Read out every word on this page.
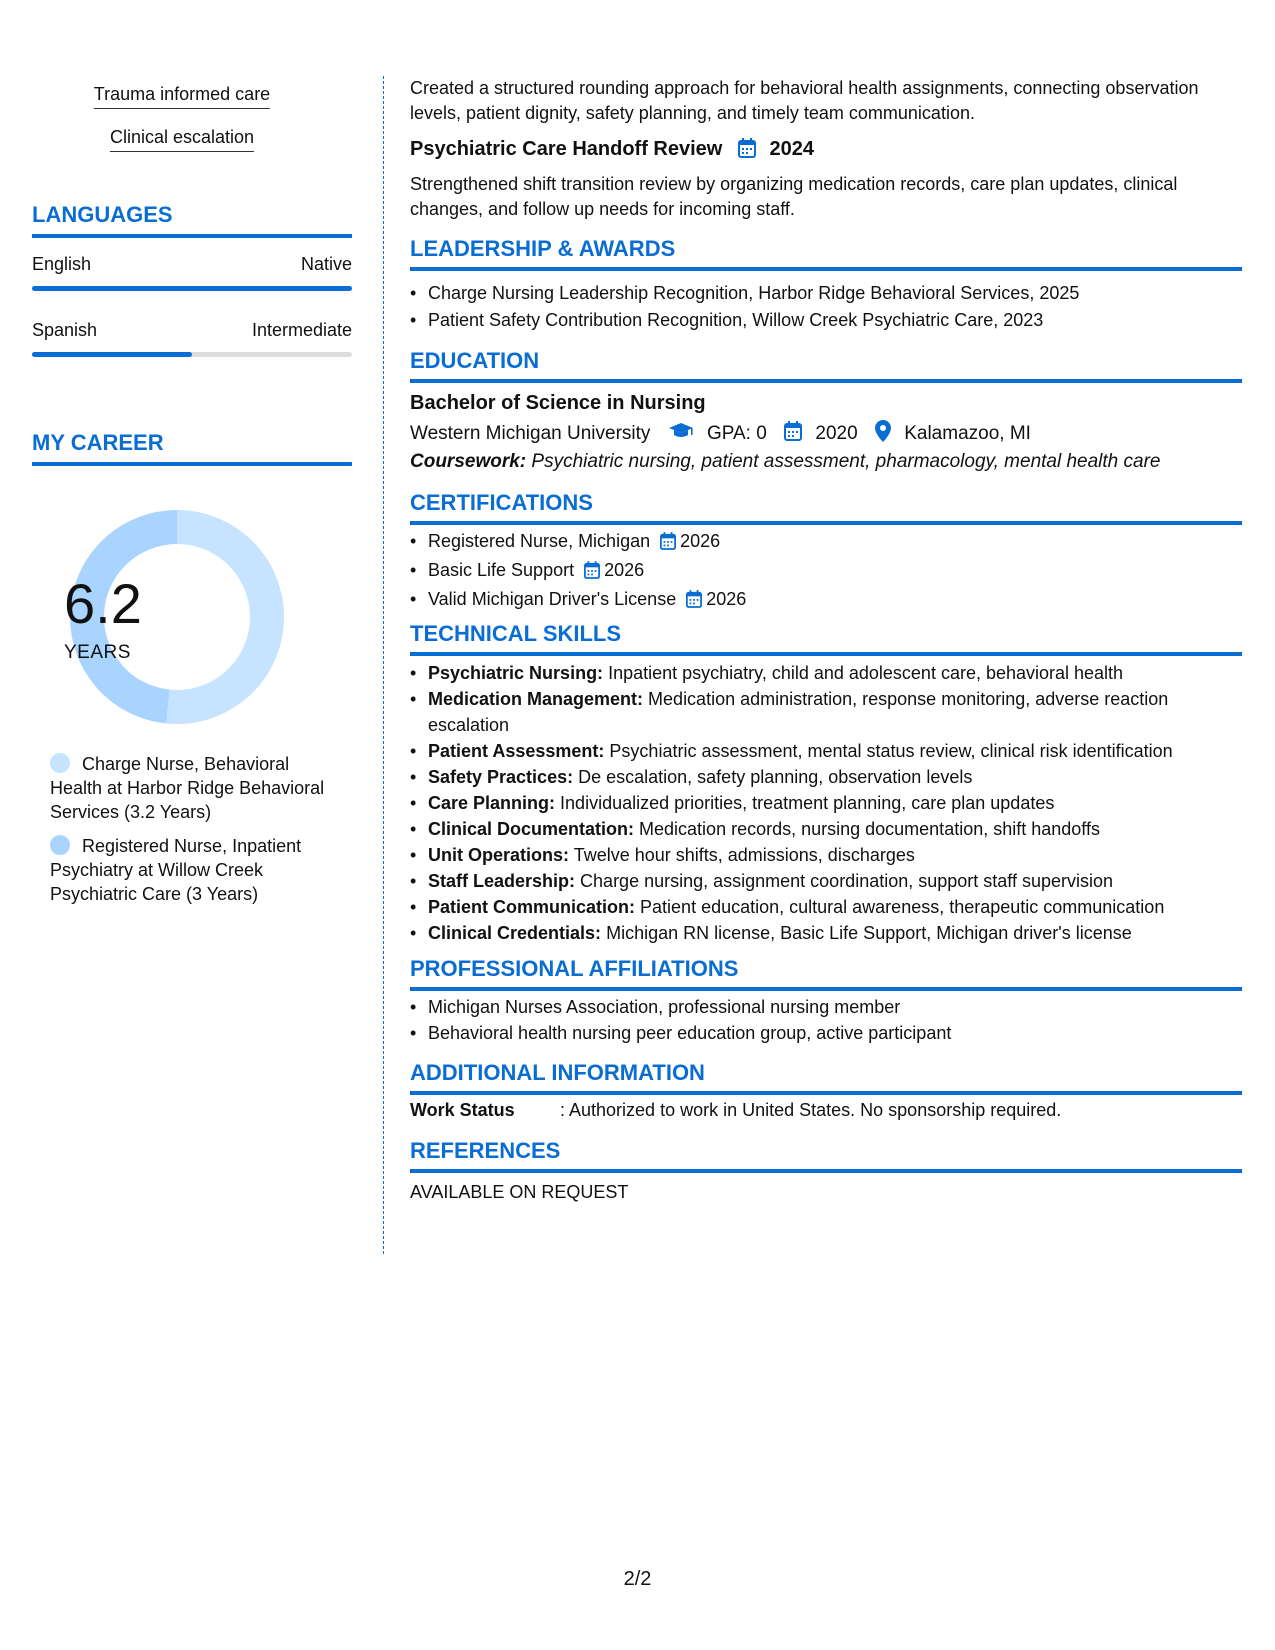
Trauma informed care
Clinical escalation
LANGUAGES
English	Native
Spanish	Intermediate
MY CAREER
6.2
YEARS
Charge Nurse, Behavioral Health at Harbor Ridge Behavioral Services (3.2 Years)
Registered Nurse, Inpatient Psychiatry at Willow Creek Psychiatric Care (3 Years)
Created a structured rounding approach for behavioral health assignments, connecting observation levels, patient dignity, safety planning, and timely team communication.
Psychiatric Care Handoff Review 2024
Strengthened shift transition review by organizing medication records, care plan updates, clinical changes, and follow up needs for incoming staff.
LEADERSHIP & AWARDS
• Charge Nursing Leadership Recognition, Harbor Ridge Behavioral Services, 2025
• Patient Safety Contribution Recognition, Willow Creek Psychiatric Care, 2023
EDUCATION
Bachelor of Science in Nursing
Western Michigan University	GPA: 0	2020 Kalamazoo, MI
Coursework: Psychiatric nursing, patient assessment, pharmacology, mental health care
CERTIFICATIONS
• Registered Nurse, Michigan 2026
• Basic Life Support 2026
• Valid Michigan Driver's License 2026
TECHNICAL SKILLS
• Psychiatric Nursing: Inpatient psychiatry, child and adolescent care, behavioral health
• Medication Management: Medication administration, response monitoring, adverse reaction escalation
• Patient Assessment: Psychiatric assessment, mental status review, clinical risk identification
• Safety Practices: De escalation, safety planning, observation levels
• Care Planning: Individualized priorities, treatment planning, care plan updates
• Clinical Documentation: Medication records, nursing documentation, shift handoffs
• Unit Operations: Twelve hour shifts, admissions, discharges
• Staff Leadership: Charge nursing, assignment coordination, support staff supervision
• Patient Communication: Patient education, cultural awareness, therapeutic communication
• Clinical Credentials: Michigan RN license, Basic Life Support, Michigan driver's license
PROFESSIONAL AFFILIATIONS
• Michigan Nurses Association, professional nursing member
• Behavioral health nursing peer education group, active participant
ADDITIONAL INFORMATION
Work Status	: Authorized to work in United States. No sponsorship required.
REFERENCES
AVAILABLE ON REQUEST
2/2
